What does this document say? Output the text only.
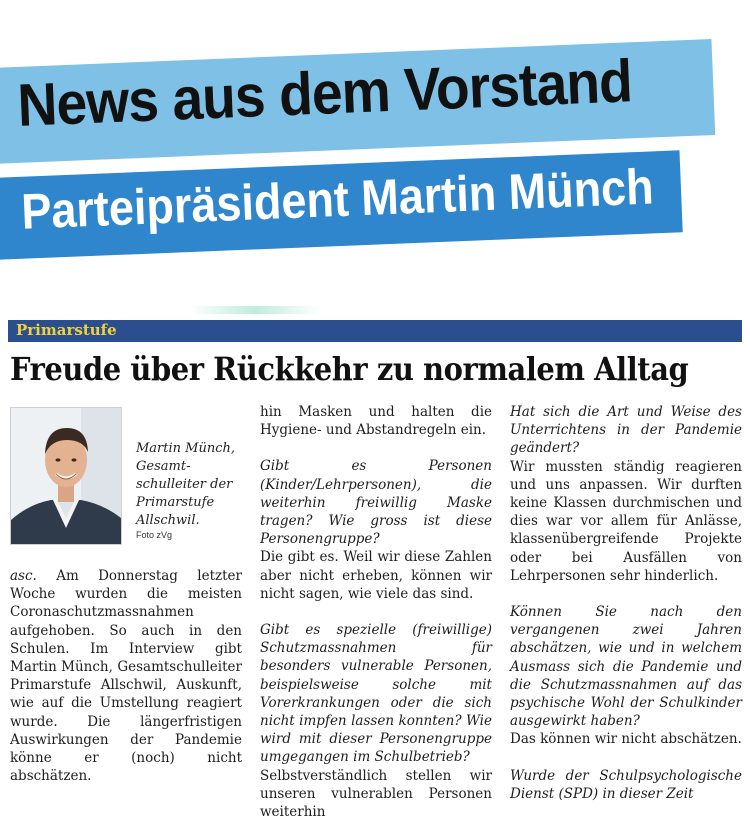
News aus dem Vorstand
Parteipräsident Martin Münch
Primarstufe
Freude über Rückkehr zu normalem Alltag
Martin Münch, Gesamtschulleiter der Primarstufe Allschwil.
Foto zVg

asc. Am Donnerstag letzter Woche wurden die meisten Coronaschutzmassnahmen aufgehoben. So auch in den Schulen. Im Interview gibt Martin Münch, Gesamtschulleiter Primarstufe Allschwil, Auskunft, wie auf die Umstellung reagiert wurde. Die längerfristigen Auswirkungen der Pandemie könne er (noch) nicht abschätzen.

hin Masken und halten die Hygiene- und Abstandregeln ein.

Gibt es Personen (Kinder/Lehrpersonen), die weiterhin freiwillig Maske tragen? Wie gross ist diese Personengruppe?

Die gibt es. Weil wir diese Zahlen aber nicht erheben, können wir nicht sagen, wie viele das sind.

Gibt es spezielle (freiwillige) Schutzmassnahmen für besonders vulnerable Personen, beispielsweise solche mit Vorerkrankungen oder die sich nicht impfen lassen konnten? Wie wird mit dieser Personengruppe umgegangen im Schulbetrieb?

Selbstverständlich stellen wir unseren vulnerablen Personen weiterhin

Hat sich die Art und Weise des Unterrichtens in der Pandemie geändert?

Wir mussten ständig reagieren und uns anpassen. Wir durften keine Klassen durchmischen und dies war vor allem für Anlässe, klassenübergreifende Projekte oder bei Ausfällen von Lehrpersonen sehr hinderlich.

Können Sie nach den vergangenen zwei Jahren abschätzen, wie und in welchem Ausmass sich die Pandemie und die Schutzmassnahmen auf das psychische Wohl der Schulkinder ausgewirkt haben?

Das können wir nicht abschätzen.

Wurde der Schulpsychologische Dienst (SPD) in dieser Zeit
